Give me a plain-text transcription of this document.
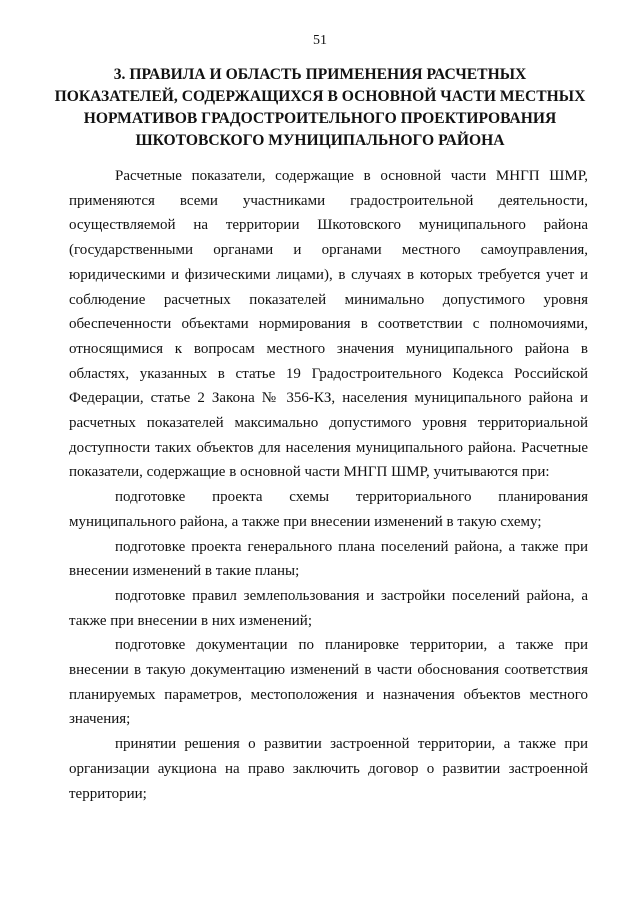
51
3. ПРАВИЛА И ОБЛАСТЬ ПРИМЕНЕНИЯ РАСЧЕТНЫХ
ПОКАЗАТЕЛЕЙ, СОДЕРЖАЩИХСЯ В ОСНОВНОЙ ЧАСТИ МЕСТНЫХ
НОРМАТИВОВ ГРАДОСТРОИТЕЛЬНОГО ПРОЕКТИРОВАНИЯ
ШКОТОВСКОГО МУНИЦИПАЛЬНОГО РАЙОНА

Расчетные показатели, содержащие в основной части МНГП ШМР, применяются всеми участниками градостроительной деятельности, осуществляемой на территории Шкотовского муниципального района (государственными органами и органами местного самоуправления, юридическими и физическими лицами), в случаях в которых требуется учет и соблюдение расчетных показателей минимально допустимого уровня обеспеченности объектами нормирования в соответствии с полномочиями, относящимися к вопросам местного значения муниципального района в областях, указанных в статье 19 Градостроительного Кодекса Российской Федерации, статье 2 Закона № 356-КЗ, населения муниципального района и расчетных показателей максимально допустимого уровня территориальной доступности таких объектов для населения муниципального района. Расчетные показатели, содержащие в основной части МНГП ШМР, учитываются при:

подготовке проекта схемы территориального планирования муниципального района, а также при внесении изменений в такую схему;

подготовке проекта генерального плана поселений района, а также при внесении изменений в такие планы;

подготовке правил землепользования и застройки поселений района, а также при внесении в них изменений;

подготовке документации по планировке территории, а также при внесении в такую документацию изменений в части обоснования соответствия планируемых параметров, местоположения и назначения объектов местного значения;

принятии решения о развитии застроенной территории, а также при организации аукциона на право заключить договор о развитии застроенной территории;
